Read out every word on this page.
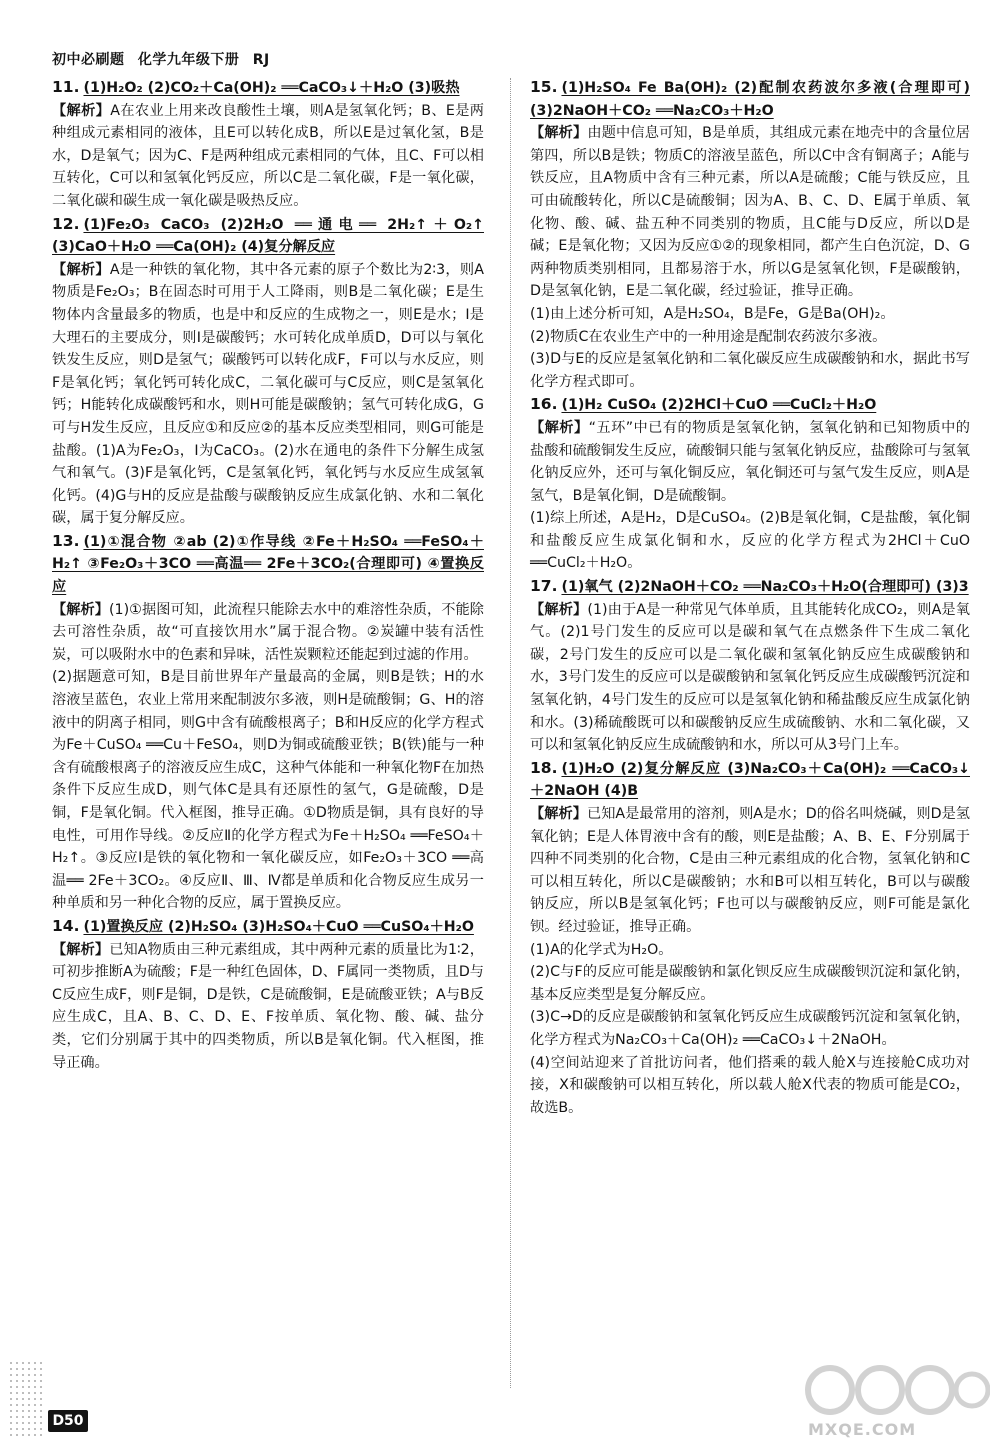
初中必刷题 化学九年级下册 RJ

11. (1)H₂O₂ (2)CO₂＋Ca(OH)₂ ══CaCO₃↓＋H₂O (3)吸热

【解析】A在农业上用来改良酸性土壤，则A是氢氧化钙；B、E是两种组成元素相同的液体，且E可以转化成B，所以E是过氧化氢，B是水，D是氧气；因为C、F是两种组成元素相同的气体，且C、F可以相互转化，C可以和氢氧化钙反应，所以C是二氧化碳，F是一氧化碳，二氧化碳和碳生成一氧化碳是吸热反应。

12. (1)Fe₂O₃ CaCO₃ (2)2H₂O ══通电══ 2H₂↑＋O₂↑ (3)CaO＋H₂O ══Ca(OH)₂ (4)复分解反应

【解析】A是一种铁的氧化物，其中各元素的原子个数比为2∶3，则A物质是Fe₂O₃；B在固态时可用于人工降雨，则B是二氧化碳；E是生物体内含量最多的物质，也是中和反应的生成物之一，则E是水；I是大理石的主要成分，则I是碳酸钙；水可转化成单质D，D可以与氧化铁发生反应，则D是氢气；碳酸钙可以转化成F，F可以与水反应，则F是氧化钙；氧化钙可转化成C，二氧化碳可与C反应，则C是氢氧化钙；H能转化成碳酸钙和水，则H可能是碳酸钠；氢气可转化成G，G可与H发生反应，且反应①和反应②的基本反应类型相同，则G可能是盐酸。(1)A为Fe₂O₃，I为CaCO₃。(2)水在通电的条件下分解生成氢气和氧气。(3)F是氧化钙，C是氢氧化钙，氧化钙与水反应生成氢氧化钙。(4)G与H的反应是盐酸与碳酸钠反应生成氯化钠、水和二氧化碳，属于复分解反应。

13. (1)①混合物 ②ab (2)①作导线 ②Fe＋H₂SO₄ ══FeSO₄＋H₂↑ ③Fe₂O₃＋3CO ══高温══ 2Fe＋3CO₂(合理即可) ④置换反应

【解析】(1)①据图可知，此流程只能除去水中的难溶性杂质，不能除去可溶性杂质，故“可直接饮用水”属于混合物。②炭罐中装有活性炭，可以吸附水中的色素和异味，活性炭颗粒还能起到过滤的作用。

(2)据题意可知，B是目前世界年产量最高的金属，则B是铁；H的水溶液呈蓝色，农业上常用来配制波尔多液，则H是硫酸铜；G、H的溶液中的阴离子相同，则G中含有硫酸根离子；B和H反应的化学方程式为Fe＋CuSO₄ ══Cu＋FeSO₄，则D为铜或硫酸亚铁；B(铁)能与一种含有硫酸根离子的溶液反应生成C，这种气体能和一种氧化物F在加热条件下反应生成D，则气体C是具有还原性的氢气，G是硫酸，D是铜，F是氧化铜。代入框图，推导正确。①D物质是铜，具有良好的导电性，可用作导线。②反应Ⅱ的化学方程式为Fe＋H₂SO₄ ══FeSO₄＋H₂↑。③反应Ⅰ是铁的氧化物和一氧化碳反应，如Fe₂O₃＋3CO ══高温══ 2Fe＋3CO₂。④反应Ⅱ、Ⅲ、Ⅳ都是单质和化合物反应生成另一种单质和另一种化合物的反应，属于置换反应。

14. (1)置换反应 (2)H₂SO₄ (3)H₂SO₄＋CuO ══CuSO₄＋H₂O

【解析】已知A物质由三种元素组成，其中两种元素的质量比为1∶2，可初步推断A为硫酸；F是一种红色固体，D、F属同一类物质，且D与C反应生成F，则F是铜，D是铁，C是硫酸铜，E是硫酸亚铁；A与B反应生成C，且A、B、C、D、E、F按单质、氧化物、酸、碱、盐分类，它们分别属于其中的四类物质，所以B是氧化铜。代入框图，推导正确。

15. (1)H₂SO₄ Fe Ba(OH)₂ (2)配制农药波尔多液(合理即可) (3)2NaOH＋CO₂ ══Na₂CO₃＋H₂O

【解析】由题中信息可知，B是单质，其组成元素在地壳中的含量位居第四，所以B是铁；物质C的溶液呈蓝色，所以C中含有铜离子；A能与铁反应，且A物质中含有三种元素，所以A是硫酸；C能与铁反应，且可由硫酸转化，所以C是硫酸铜；因为A、B、C、D、E属于单质、氧化物、酸、碱、盐五种不同类别的物质，且C能与D反应，所以D是碱；E是氧化物；又因为反应①②的现象相同，都产生白色沉淀，D、G两种物质类别相同，且都易溶于水，所以G是氢氧化钡，F是碳酸钠，D是氢氧化钠，E是二氧化碳，经过验证，推导正确。

(1)由上述分析可知，A是H₂SO₄，B是Fe，G是Ba(OH)₂。

(2)物质C在农业生产中的一种用途是配制农药波尔多液。

(3)D与E的反应是氢氧化钠和二氧化碳反应生成碳酸钠和水，据此书写化学方程式即可。

16. (1)H₂ CuSO₄ (2)2HCl＋CuO ══CuCl₂＋H₂O

【解析】“五环”中已有的物质是氢氧化钠，氢氧化钠和已知物质中的盐酸和硫酸铜发生反应，硫酸铜只能与氢氧化钠反应，盐酸除可与氢氧化钠反应外，还可与氧化铜反应，氧化铜还可与氢气发生反应，则A是氢气，B是氧化铜，D是硫酸铜。

(1)综上所述，A是H₂，D是CuSO₄。(2)B是氧化铜，C是盐酸，氧化铜和盐酸反应生成氯化铜和水，反应的化学方程式为2HCl＋CuO ══CuCl₂＋H₂O。

17. (1)氧气 (2)2NaOH＋CO₂ ══Na₂CO₃＋H₂O(合理即可) (3)3

【解析】(1)由于A是一种常见气体单质，且其能转化成CO₂，则A是氧气。(2)1号门发生的反应可以是碳和氧气在点燃条件下生成二氧化碳，2号门发生的反应可以是二氧化碳和氢氧化钠反应生成碳酸钠和水，3号门发生的反应可以是碳酸钠和氢氧化钙反应生成碳酸钙沉淀和氢氧化钠，4号门发生的反应可以是氢氧化钠和稀盐酸反应生成氯化钠和水。(3)稀硫酸既可以和碳酸钠反应生成硫酸钠、水和二氧化碳，又可以和氢氧化钠反应生成硫酸钠和水，所以可从3号门上车。

18. (1)H₂O (2)复分解反应 (3)Na₂CO₃＋Ca(OH)₂ ══CaCO₃↓＋2NaOH (4)B

【解析】已知A是最常用的溶剂，则A是水；D的俗名叫烧碱，则D是氢氧化钠；E是人体胃液中含有的酸，则E是盐酸；A、B、E、F分别属于四种不同类别的化合物，C是由三种元素组成的化合物，氢氧化钠和C可以相互转化，所以C是碳酸钠；水和B可以相互转化，B可以与碳酸钠反应，所以B是氢氧化钙；F也可以与碳酸钠反应，则F可能是氯化钡。经过验证，推导正确。

(1)A的化学式为H₂O。

(2)C与F的反应可能是碳酸钠和氯化钡反应生成碳酸钡沉淀和氯化钠，基本反应类型是复分解反应。

(3)C→D的反应是碳酸钠和氢氧化钙反应生成碳酸钙沉淀和氢氧化钠，化学方程式为Na₂CO₃＋Ca(OH)₂ ══CaCO₃↓＋2NaOH。

(4)空间站迎来了首批访问者，他们搭乘的载人舱X与连接舱C成功对接，X和碳酸钠可以相互转化，所以载人舱X代表的物质可能是CO₂，故选B。

D50	MXQE.COM
